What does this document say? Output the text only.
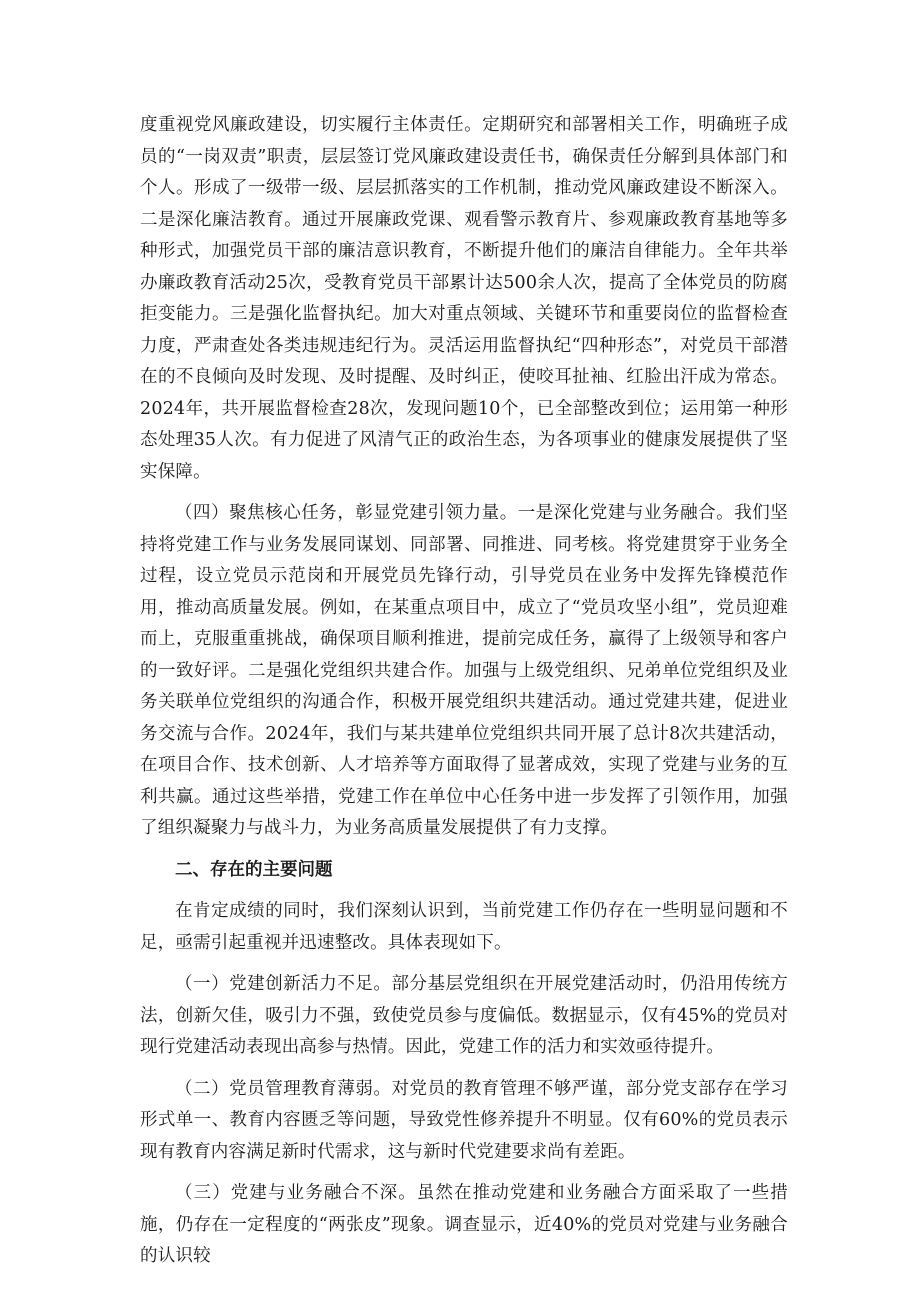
度重视党风廉政建设，切实履行主体责任。定期研究和部署相关工作，明确班子成员的“一岗双责”职责，层层签订党风廉政建设责任书，确保责任分解到具体部门和个人。形成了一级带一级、层层抓落实的工作机制，推动党风廉政建设不断深入。二是深化廉洁教育。通过开展廉政党课、观看警示教育片、参观廉政教育基地等多种形式，加强党员干部的廉洁意识教育，不断提升他们的廉洁自律能力。全年共举办廉政教育活动25次，受教育党员干部累计达500余人次，提高了全体党员的防腐拒变能力。三是强化监督执纪。加大对重点领域、关键环节和重要岗位的监督检查力度，严肃查处各类违规违纪行为。灵活运用监督执纪“四种形态”，对党员干部潜在的不良倾向及时发现、及时提醒、及时纠正，使咬耳扯袖、红脸出汗成为常态。2024年，共开展监督检查28次，发现问题10个，已全部整改到位；运用第一种形态处理35人次。有力促进了风清气正的政治生态，为各项事业的健康发展提供了坚实保障。

（四）聚焦核心任务，彰显党建引领力量。一是深化党建与业务融合。我们坚持将党建工作与业务发展同谋划、同部署、同推进、同考核。将党建贯穿于业务全过程，设立党员示范岗和开展党员先锋行动，引导党员在业务中发挥先锋模范作用，推动高质量发展。例如，在某重点项目中，成立了“党员攻坚小组”，党员迎难而上，克服重重挑战，确保项目顺利推进，提前完成任务，赢得了上级领导和客户的一致好评。二是强化党组织共建合作。加强与上级党组织、兄弟单位党组织及业务关联单位党组织的沟通合作，积极开展党组织共建活动。通过党建共建，促进业务交流与合作。2024年，我们与某共建单位党组织共同开展了总计8次共建活动，在项目合作、技术创新、人才培养等方面取得了显著成效，实现了党建与业务的互利共赢。通过这些举措，党建工作在单位中心任务中进一步发挥了引领作用，加强了组织凝聚力与战斗力，为业务高质量发展提供了有力支撑。

二、存在的主要问题

在肯定成绩的同时，我们深刻认识到，当前党建工作仍存在一些明显问题和不足，亟需引起重视并迅速整改。具体表现如下。

（一）党建创新活力不足。部分基层党组织在开展党建活动时，仍沿用传统方法，创新欠佳，吸引力不强，致使党员参与度偏低。数据显示，仅有45%的党员对现行党建活动表现出高参与热情。因此，党建工作的活力和实效亟待提升。

（二）党员管理教育薄弱。对党员的教育管理不够严谨，部分党支部存在学习形式单一、教育内容匮乏等问题，导致党性修养提升不明显。仅有60%的党员表示现有教育内容满足新时代需求，这与新时代党建要求尚有差距。

（三）党建与业务融合不深。虽然在推动党建和业务融合方面采取了一些措施，仍存在一定程度的“两张皮”现象。调查显示，近40%的党员对党建与业务融合的认识较
